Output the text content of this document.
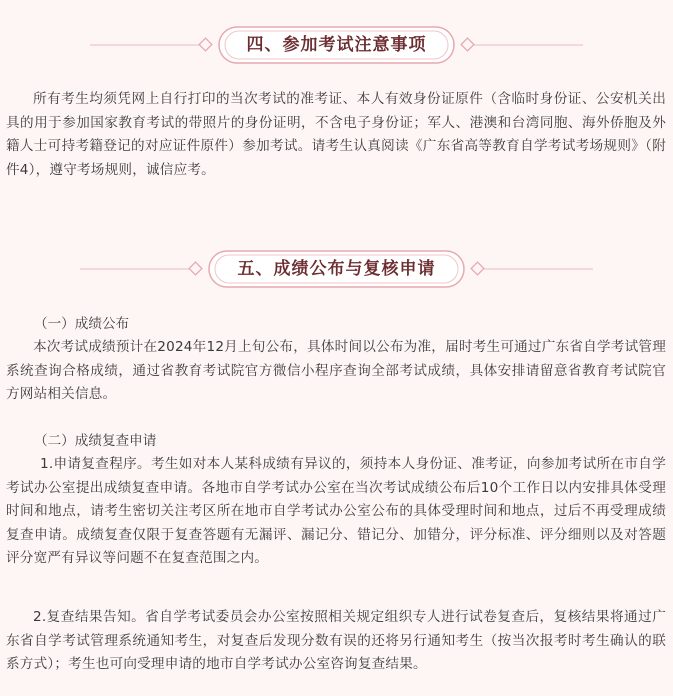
四、参加考试注意事项

所有考生均须凭网上自行打印的当次考试的准考证、本人有效身份证原件（含临时身份证、公安机关出具的用于参加国家教育考试的带照片的身份证明，不含电子身份证；军人、港澳和台湾同胞、海外侨胞及外籍人士可持考籍登记的对应证件原件）参加考试。请考生认真阅读《广东省高等教育自学考试考场规则》（附件4），遵守考场规则，诚信应考。

五、成绩公布与复核申请

（一）成绩公布

本次考试成绩预计在2024年12月上旬公布，具体时间以公布为准，届时考生可通过广东省自学考试管理系统查询合格成绩，通过省教育考试院官方微信小程序查询全部考试成绩，具体安排请留意省教育考试院官方网站相关信息。

（二）成绩复查申请

1.申请复查程序。考生如对本人某科成绩有异议的，须持本人身份证、准考证，向参加考试所在市自学考试办公室提出成绩复查申请。各地市自学考试办公室在当次考试成绩公布后10个工作日以内安排具体受理时间和地点，请考生密切关注考区所在地市自学考试办公室公布的具体受理时间和地点，过后不再受理成绩复查申请。成绩复查仅限于复查答题有无漏评、漏记分、错记分、加错分，评分标准、评分细则以及对答题评分宽严有异议等问题不在复查范围之内。

2.复查结果告知。省自学考试委员会办公室按照相关规定组织专人进行试卷复查后，复核结果将通过广东省自学考试管理系统通知考生，对复查后发现分数有误的还将另行通知考生（按当次报考时考生确认的联系方式）；考生也可向受理申请的地市自学考试办公室咨询复查结果。
